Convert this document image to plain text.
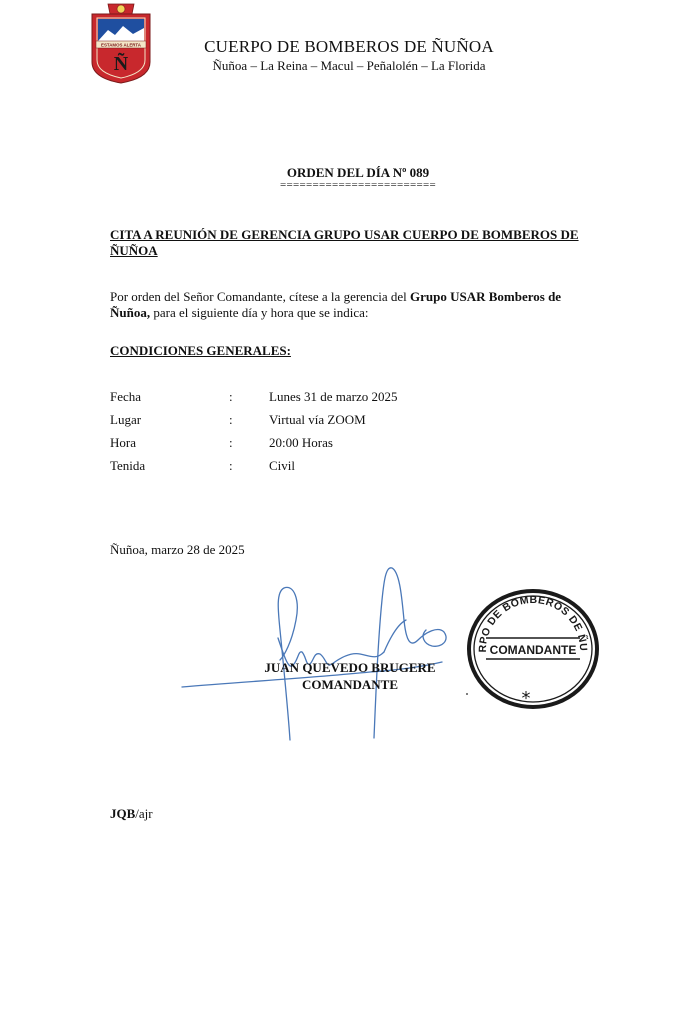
ESTAMOS ALERTA
Ñ
CUERPO DE BOMBEROS DE ÑUÑOA
Ñuñoa – La Reina – Macul – Peñalolén – La Florida
ORDEN DEL DÍA Nº 089
========================
CITA A REUNIÓN DE GERENCIA GRUPO USAR CUERPO DE BOMBEROS DE ÑUÑOA
Por orden del Señor Comandante, cítese a la gerencia del Grupo USAR Bomberos de Ñuñoa, para el siguiente día y hora que se indica:
CONDICIONES GENERALES:
Fecha	:	Lunes 31 de marzo 2025
Lugar	:	Virtual vía ZOOM
Hora	:	20:00 Horas
Tenida	:	Civil
Ñuñoa, marzo 28 de 2025
JUAN QUEVEDO BRUGERE
COMANDANTE
RPO DE BOMBEROS DE ÑU
COMANDANTE
*
JQB/ajr
